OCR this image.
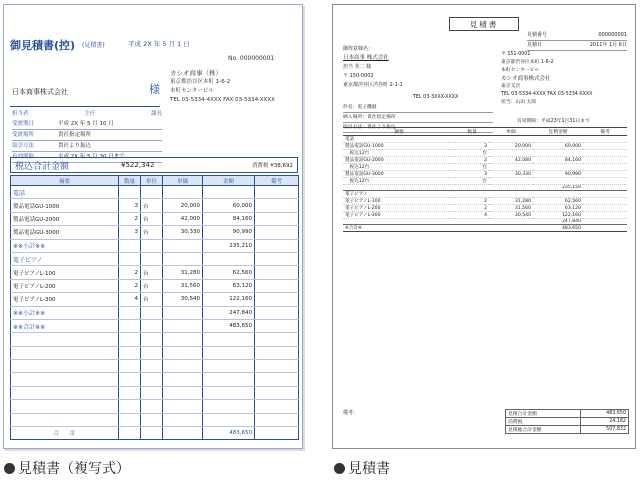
御見積書(控) (見積書)	平成 2X 年 5 月 1 日
No. 000000001
日本商事株式会社	様
カシオ商事（株）
東京都渋谷区本町 1-6-2
本町センタービル
TEL 03-5334-4XXX FAX 03-5334-XXXX
担当者	主任	課長
受渡期日	平成 2X 年 5 月 10 日
受渡場所	貴社指定場所
取引方法	貴社より振込
有効期限	平成 2X 年 5 月 30 日まで
税込合計金額	¥522,342	消費税 ¥38,692
摘要	数量	単位	単価	金額	備考
電話					
製品電話GU-1000	3	台	20,000	60,000	
製品電話GU-2000	2	台	42,000	84,160	
製品電話GU-3000	3	台	30,330	90,990	
※※小計※※				235,210	
電子ピアノ					
電子ピアノL-100	2	台	31,280	62,560	
電子ピアノL-200	2	台	31,560	63,120	
電子ピアノL-300	4	台	30,540	122,160	
※※小計※※				247,840	
※※合計※※				483,650	

合　　計				483,650	
見積書
見積番号	000000001
見積日	2011年 1月 6日
御得意様名：
日本商事 株式会社
担当 英二 様
〒 150-0002
東京都渋谷区渋谷町 2-1-1
〒 151-0001
東京都渋谷区本町 1-6-2
本町センタービル
カシオ商事株式会社
東京支店
TEL 03-5334-4XXX FAX 03-5334-XXXX
担当：山田 太郎
TEL 03-3XXX-XXXX
件名：電子機器
納入場所：貴社指定場所
取引方法：貴社より振込
有効期限：平成23年1月31日まで
摘要	数量	単価	見積金額	備考
電話				
製品電話GU-1000	3	20,000	60,000	
　税込12台	台			
製品電話GU-2000	2	42,080	84,160	
　税込12台	台			
製品電話GU-3000	3	30,330	90,990	
　税込12台	台			
			235,150	
電子ピアノ				
電子ピアノL-100	2	31,280	62,560	
電子ピアノL-200	2	31,560	63,120	
電子ピアノL-300	4	30,540	122,160	
			247,840	
※合計※			483,650	
備考：	見積合計金額	483,650
消費税	24,182
見積総合計金額	507,832
見積書（複写式）	見積書
